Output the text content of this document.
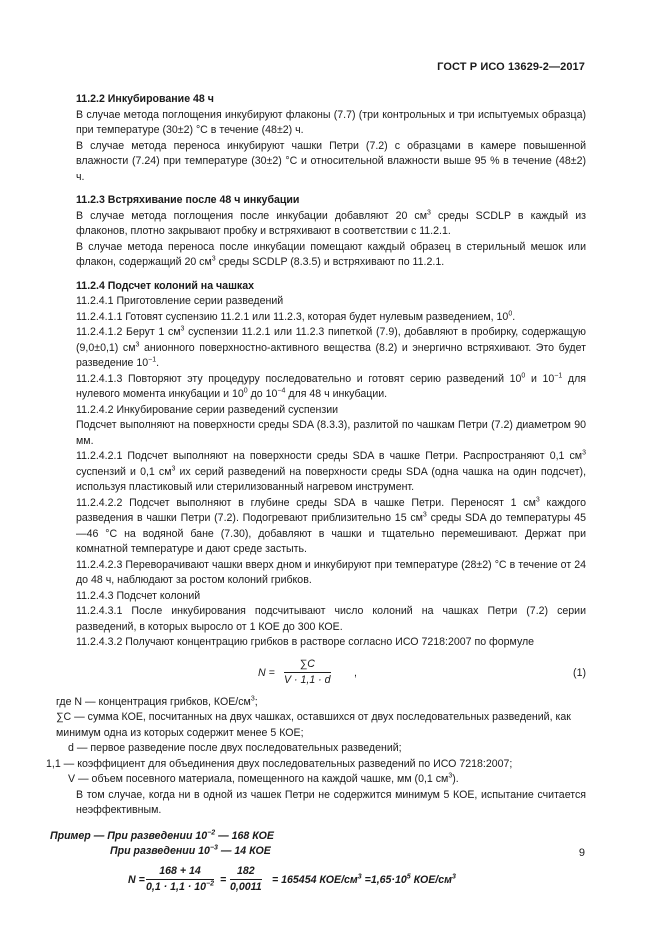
ГОСТ Р ИСО 13629-2—2017

11.2.2 Инкубирование 48 ч

В случае метода поглощения инкубируют флаконы (7.7) (три контрольных и три испытуемых образца) при температуре (30±2) °С в течение (48±2) ч.

В случае метода переноса инкубируют чашки Петри (7.2) с образцами в камере повышенной влажности (7.24) при температуре (30±2) °С и относительной влажности выше 95 % в течение (48±2) ч.

11.2.3 Встряхивание после 48 ч инкубации

В случае метода поглощения после инкубации добавляют 20 $см^3$ среды SCDLP в каждый из флаконов, плотно закрывают пробку и встряхивают в соответствии с 11.2.1.

В случае метода переноса после инкубации помещают каждый образец в стерильный мешок или флакон, содержащий 20 $см^3$ среды SCDLP (8.3.5) и встряхивают по 11.2.1.

11.2.4 Подсчет колоний на чашках

11.2.4.1 Приготовление серии разведений

11.2.4.1.1 Готовят суспензию 11.2.1 или 11.2.3, которая будет нулевым разведением, $10^0$.

11.2.4.1.2 Берут 1 $см^3$ суспензии 11.2.1 или 11.2.3 пипеткой (7.9), добавляют в пробирку, содержащую (9,0±0,1) $см^3$ анионного поверхностно-активного вещества (8.2) и энергично встряхивают. Это будет разведение $10^{-1}$.

11.2.4.1.3 Повторяют эту процедуру последовательно и готовят серию разведений $10^0$ и $10^{-1}$ для нулевого момента инкубации и $10^0$ до $10^{-4}$ для 48 ч инкубации.

11.2.4.2 Инкубирование серии разведений суспензии

Подсчет выполняют на поверхности среды SDA (8.3.3), разлитой по чашкам Петри (7.2) диаметром 90 мм.

11.2.4.2.1 Подсчет выполняют на поверхности среды SDA в чашке Петри. Распространяют 0,1 $см^3$ суспензий и 0,1 $см^3$ их серий разведений на поверхности среды SDA (одна чашка на один подсчет), используя пластиковый или стерилизованный нагревом инструмент.

11.2.4.2.2 Подсчет выполняют в глубине среды SDA в чашке Петри. Переносят 1 $см^3$ каждого разведения в чашки Петри (7.2). Подогревают приблизительно 15 $см^3$ среды SDA до температуры 45—46 °С на водяной бане (7.30), добавляют в чашки и тщательно перемешивают. Держат при комнатной температуре и дают среде застыть.

11.2.4.2.3 Переворачивают чашки вверх дном и инкубируют при температуре (28±2) °С в течение от 24 до 48 ч, наблюдают за ростом колоний грибков.

11.2.4.3 Подсчет колоний

11.2.4.3.1 После инкубирования подсчитывают число колоний на чашках Петри (7.2) серии разведений, в которых выросло от 1 КОЕ до 300 КОЕ.

11.2.4.3.2 Получают концентрацию грибков в растворе согласно ИСО 7218:2007 по формуле

$N = \frac{\sum C}{V \cdot 1,1 \cdot d}$ ,	(1)

где N — концентрация грибков, КОЕ/$см^3$;

∑C — сумма КОЕ, посчитанных на двух чашках, оставшихся от двух последовательных разведений, как минимум одна из которых содержит менее 5 КОЕ;

d — первое разведение после двух последовательных разведений;

1,1 — коэффициент для объединения двух последовательных разведений по ИСО 7218:2007;

V — объем посевного материала, помещенного на каждой чашке, мм (0,1 $см^3$).

В том случае, когда ни в одной из чашек Петри не содержится минимум 5 КОЕ, испытание считается неэффективным.

Пример — При разведении $10^{-2}$ — 168 КОЕ
При разведении $10^{-3}$ — 14 КОЕ
$N = \frac{168 + 14}{0,1 \cdot 1,1 \cdot 10^{-2}} = \frac{182}{0,0011} = 165454$ КОЕ/$см^3 =1,65\cdot 10^5$ КОЕ/$см^3$
9
